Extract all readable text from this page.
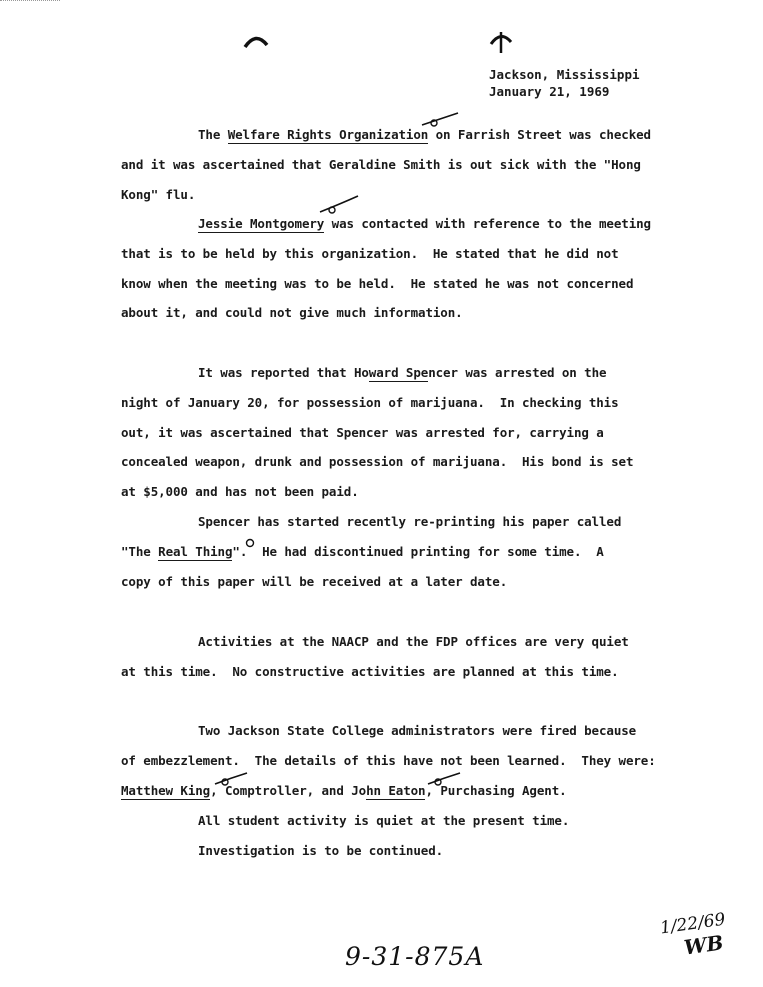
Jackson, Mississippi
January 21, 1969
The Welfare Rights Organization on Farrish Street was checked
and it was ascertained that Geraldine Smith is out sick with the "Hong
Kong" flu.
Jessie Montgomery was contacted with reference to the meeting
that is to be held by this organization.  He stated that he did not
know when the meeting was to be held.  He stated he was not concerned
about it, and could not give much information.
It was reported that Howard Spencer was arrested on the
night of January 20, for possession of marijuana.  In checking this
out, it was ascertained that Spencer was arrested for, carrying a
concealed weapon, drunk and possession of marijuana.  His bond is set
at $5,000 and has not been paid.
Spencer has started recently re-printing his paper called
"The Real Thing".  He had discontinued printing for some time.  A
copy of this paper will be received at a later date.
Activities at the NAACP and the FDP offices are very quiet
at this time.  No constructive activities are planned at this time.
Two Jackson State College administrators were fired because
of embezzlement.  The details of this have not been learned.  They were:
Matthew King, Comptroller, and John Eaton, Purchasing Agent.
All student activity is quiet at the present time.
Investigation is to be continued.
1/22/69
WB
9-31-875A
